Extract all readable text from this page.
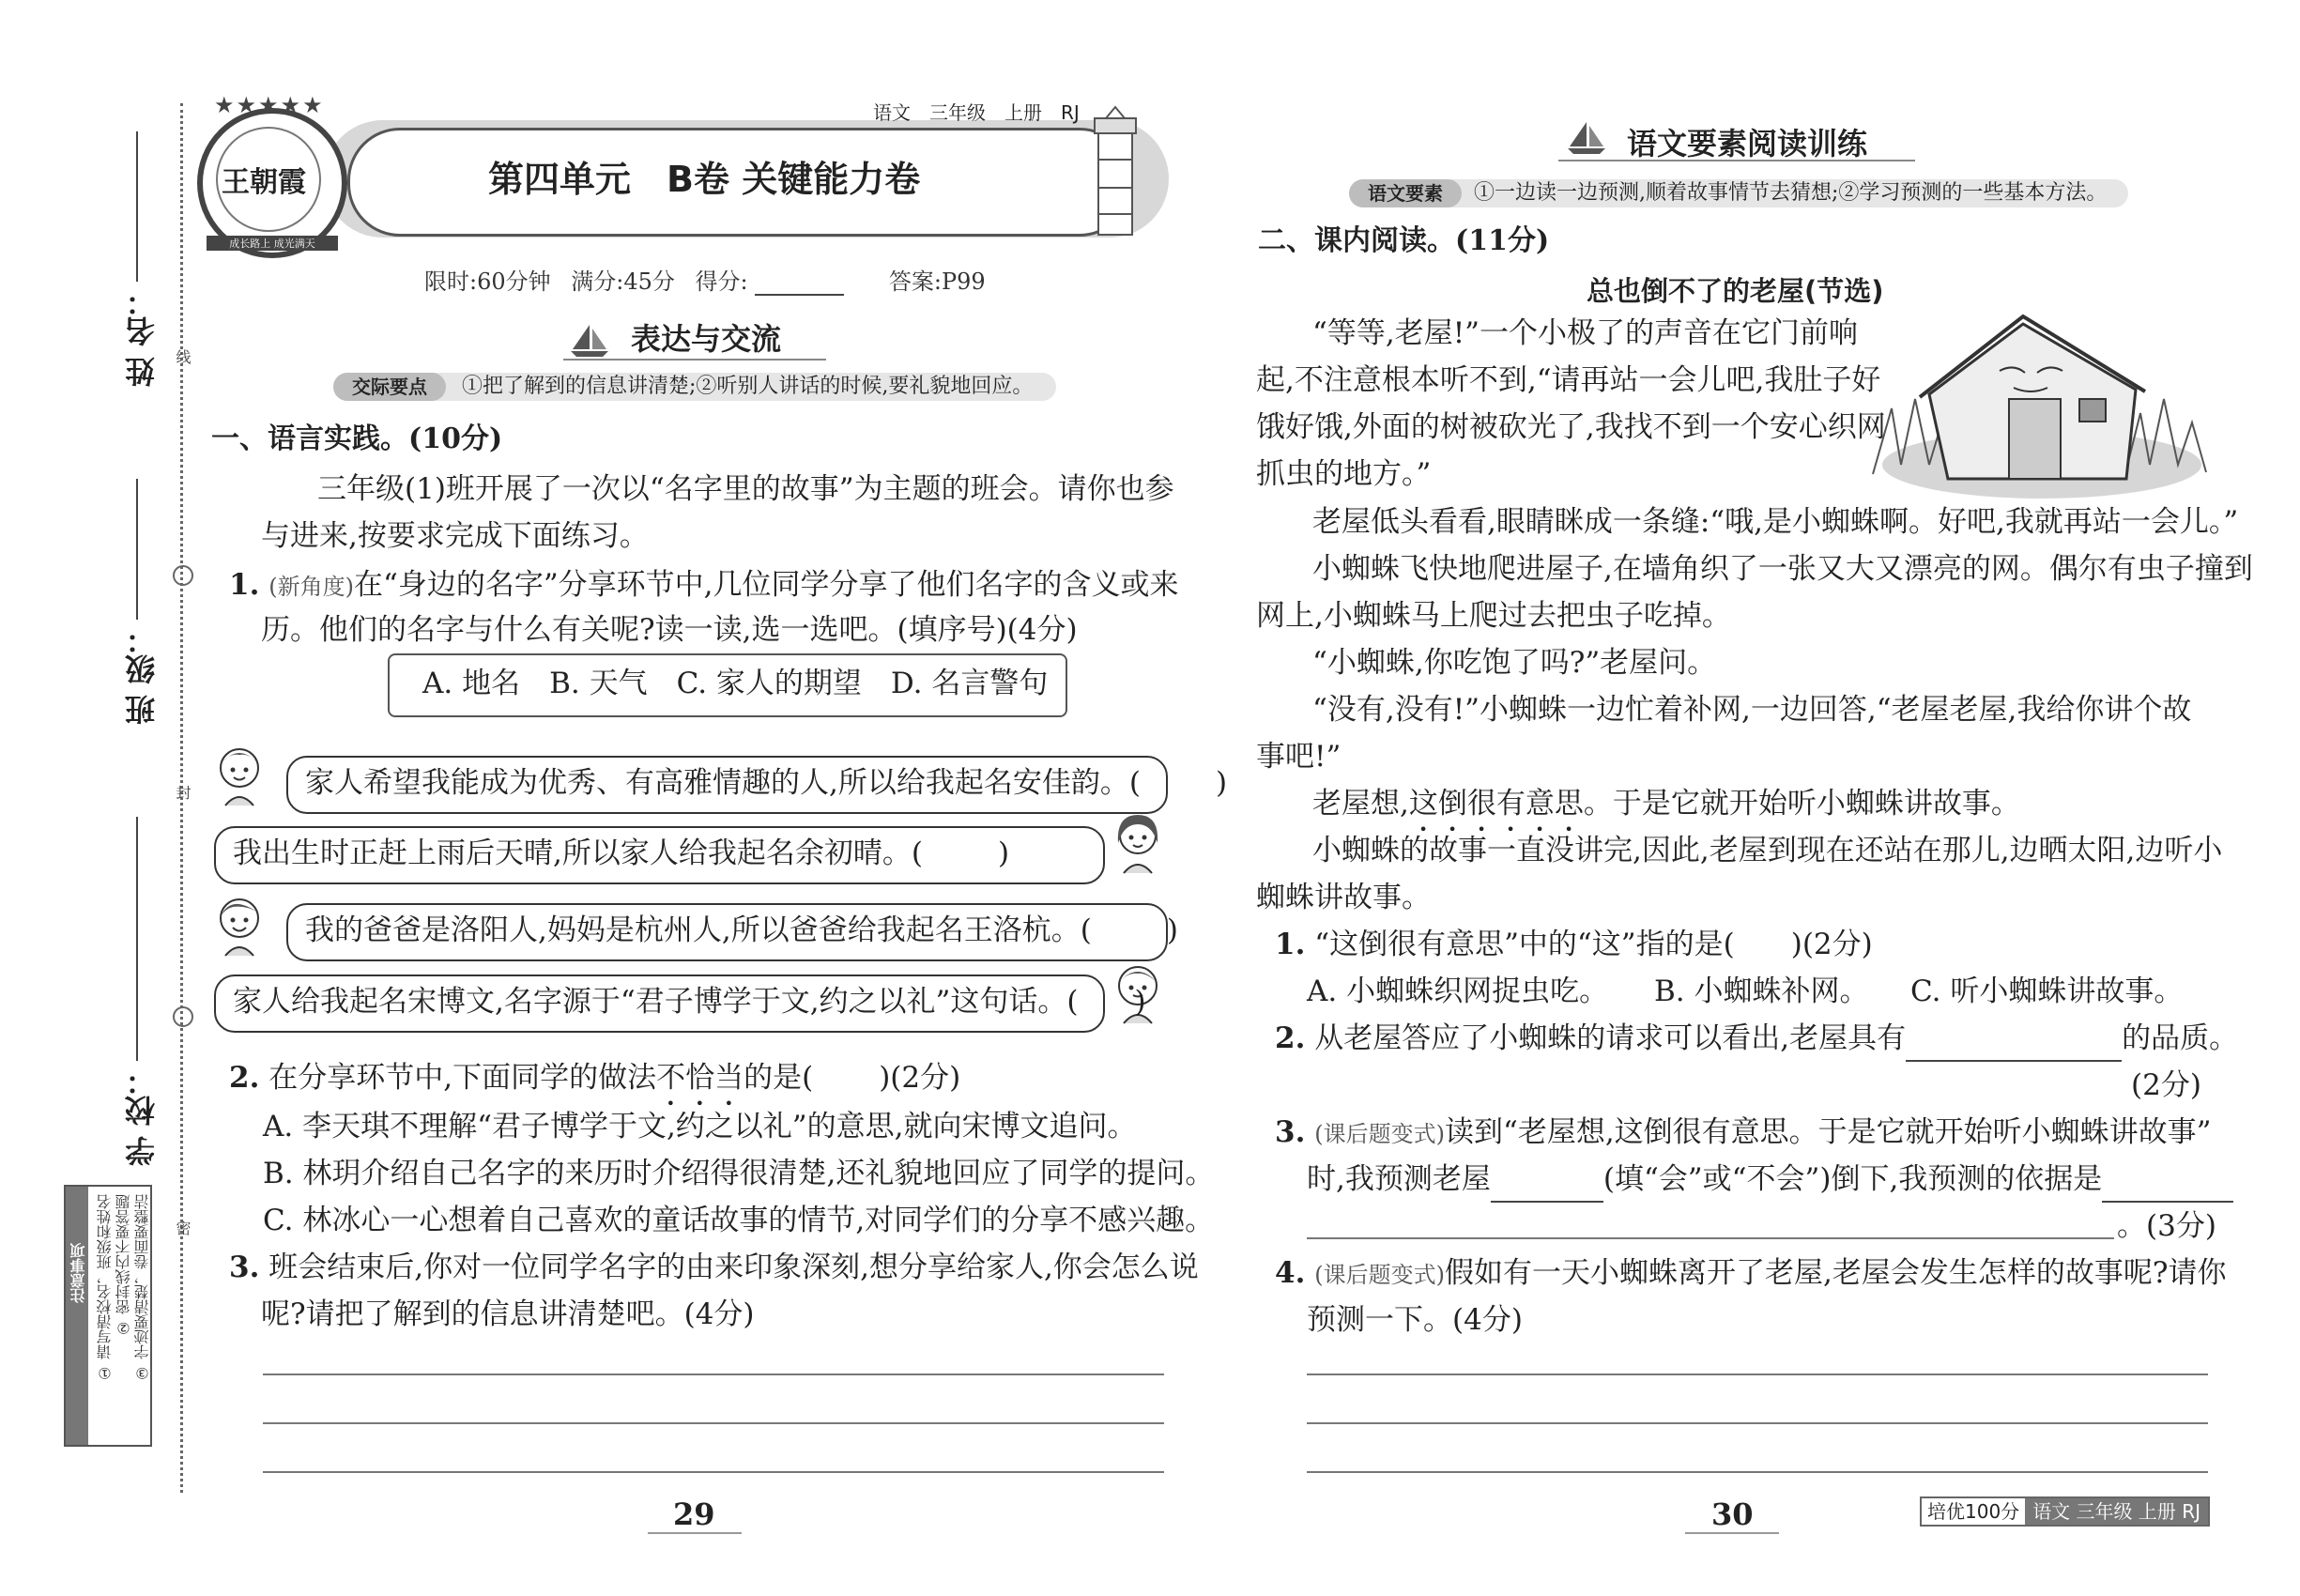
姓 名：
班 级：
学 校：
线
封
密
注意事项 ① 请写清校名，班级和姓名 ② 密封线内不要答题 ③ 字迹要清楚，卷面要整洁
第四单元　B卷 关键能力卷
语文　三年级　上册　RJ
王朝霞
成长路上 成光满天
★★★★★
限时:60分钟 满分:45分 得分:	答案:P99
表达与交流
交际要点	①把了解到的信息讲清楚;②听别人讲话的时候,要礼貌地回应。
一、语言实践。(10分)
三年级(1)班开展了一次以“名字里的故事”为主题的班会。请你也参
与进来,按要求完成下面练习。
1. (新角度)在“身边的名字”分享环节中,几位同学分享了他们名字的含义或来
历。他们的名字与什么有关呢?读一读,选一选吧。(填序号)(4分)
A. 地名　B. 天气　C. 家人的期望　D. 名言警句
家人希望我能成为优秀、有高雅情趣的人,所以给我起名安佳韵。(	)
我出生时正赶上雨后天晴,所以家人给我起名余初晴。(	)
我的爸爸是洛阳人,妈妈是杭州人,所以爸爸给我起名王洛杭。(	)
家人给我起名宋博文,名字源于“君子博学于文,约之以礼”这句话。( )
2. 在分享环节中,下面同学的做法不恰当的是( )(2分)
A. 李天琪不理解“君子博学于文,约之以礼”的意思,就向宋博文追问。
B. 林玥介绍自己名字的来历时介绍得很清楚,还礼貌地回应了同学的提问。
C. 林冰心一心想着自己喜欢的童话故事的情节,对同学们的分享不感兴趣。
3. 班会结束后,你对一位同学名字的由来印象深刻,想分享给家人,你会怎么说
呢?请把了解到的信息讲清楚吧。(4分)
29
语文要素阅读训练
语文要素	①一边读一边预测,顺着故事情节去猜想;②学习预测的一些基本方法。
二、课内阅读。(11分)
总也倒不了的老屋(节选)
“等等,老屋!”一个小极了的声音在它门前响
起,不注意根本听不到,“请再站一会儿吧,我肚子好
饿好饿,外面的树被砍光了,我找不到一个安心织网
抓虫的地方。”
老屋低头看看,眼睛眯成一条缝:“哦,是小蜘蛛啊。好吧,我就再站一会儿。”
小蜘蛛飞快地爬进屋子,在墙角织了一张又大又漂亮的网。偶尔有虫子撞到
网上,小蜘蛛马上爬过去把虫子吃掉。
“小蜘蛛,你吃饱了吗?”老屋问。
“没有,没有!”小蜘蛛一边忙着补网,一边回答,“老屋老屋,我给你讲个故
事吧!”
老屋想,这倒很有意思。于是它就开始听小蜘蛛讲故事。
小蜘蛛的故事一直没讲完,因此,老屋到现在还站在那儿,边晒太阳,边听小
蜘蛛讲故事。
1. “这倒很有意思”中的“这”指的是( )(2分)
A. 小蜘蛛织网捉虫吃。 B. 小蜘蛛补网。 C. 听小蜘蛛讲故事。
2. 从老屋答应了小蜘蛛的请求可以看出,老屋具有	的品质。
(2分)
3. (课后题变式)读到“老屋想,这倒很有意思。于是它就开始听小蜘蛛讲故事”
时,我预测老屋	(填“会”或“不会”)倒下,我预测的依据是
。(3分)
4. (课后题变式)假如有一天小蜘蛛离开了老屋,老屋会发生怎样的故事呢?请你
预测一下。(4分)
30	培优100分 语文 三年级 上册 RJ
